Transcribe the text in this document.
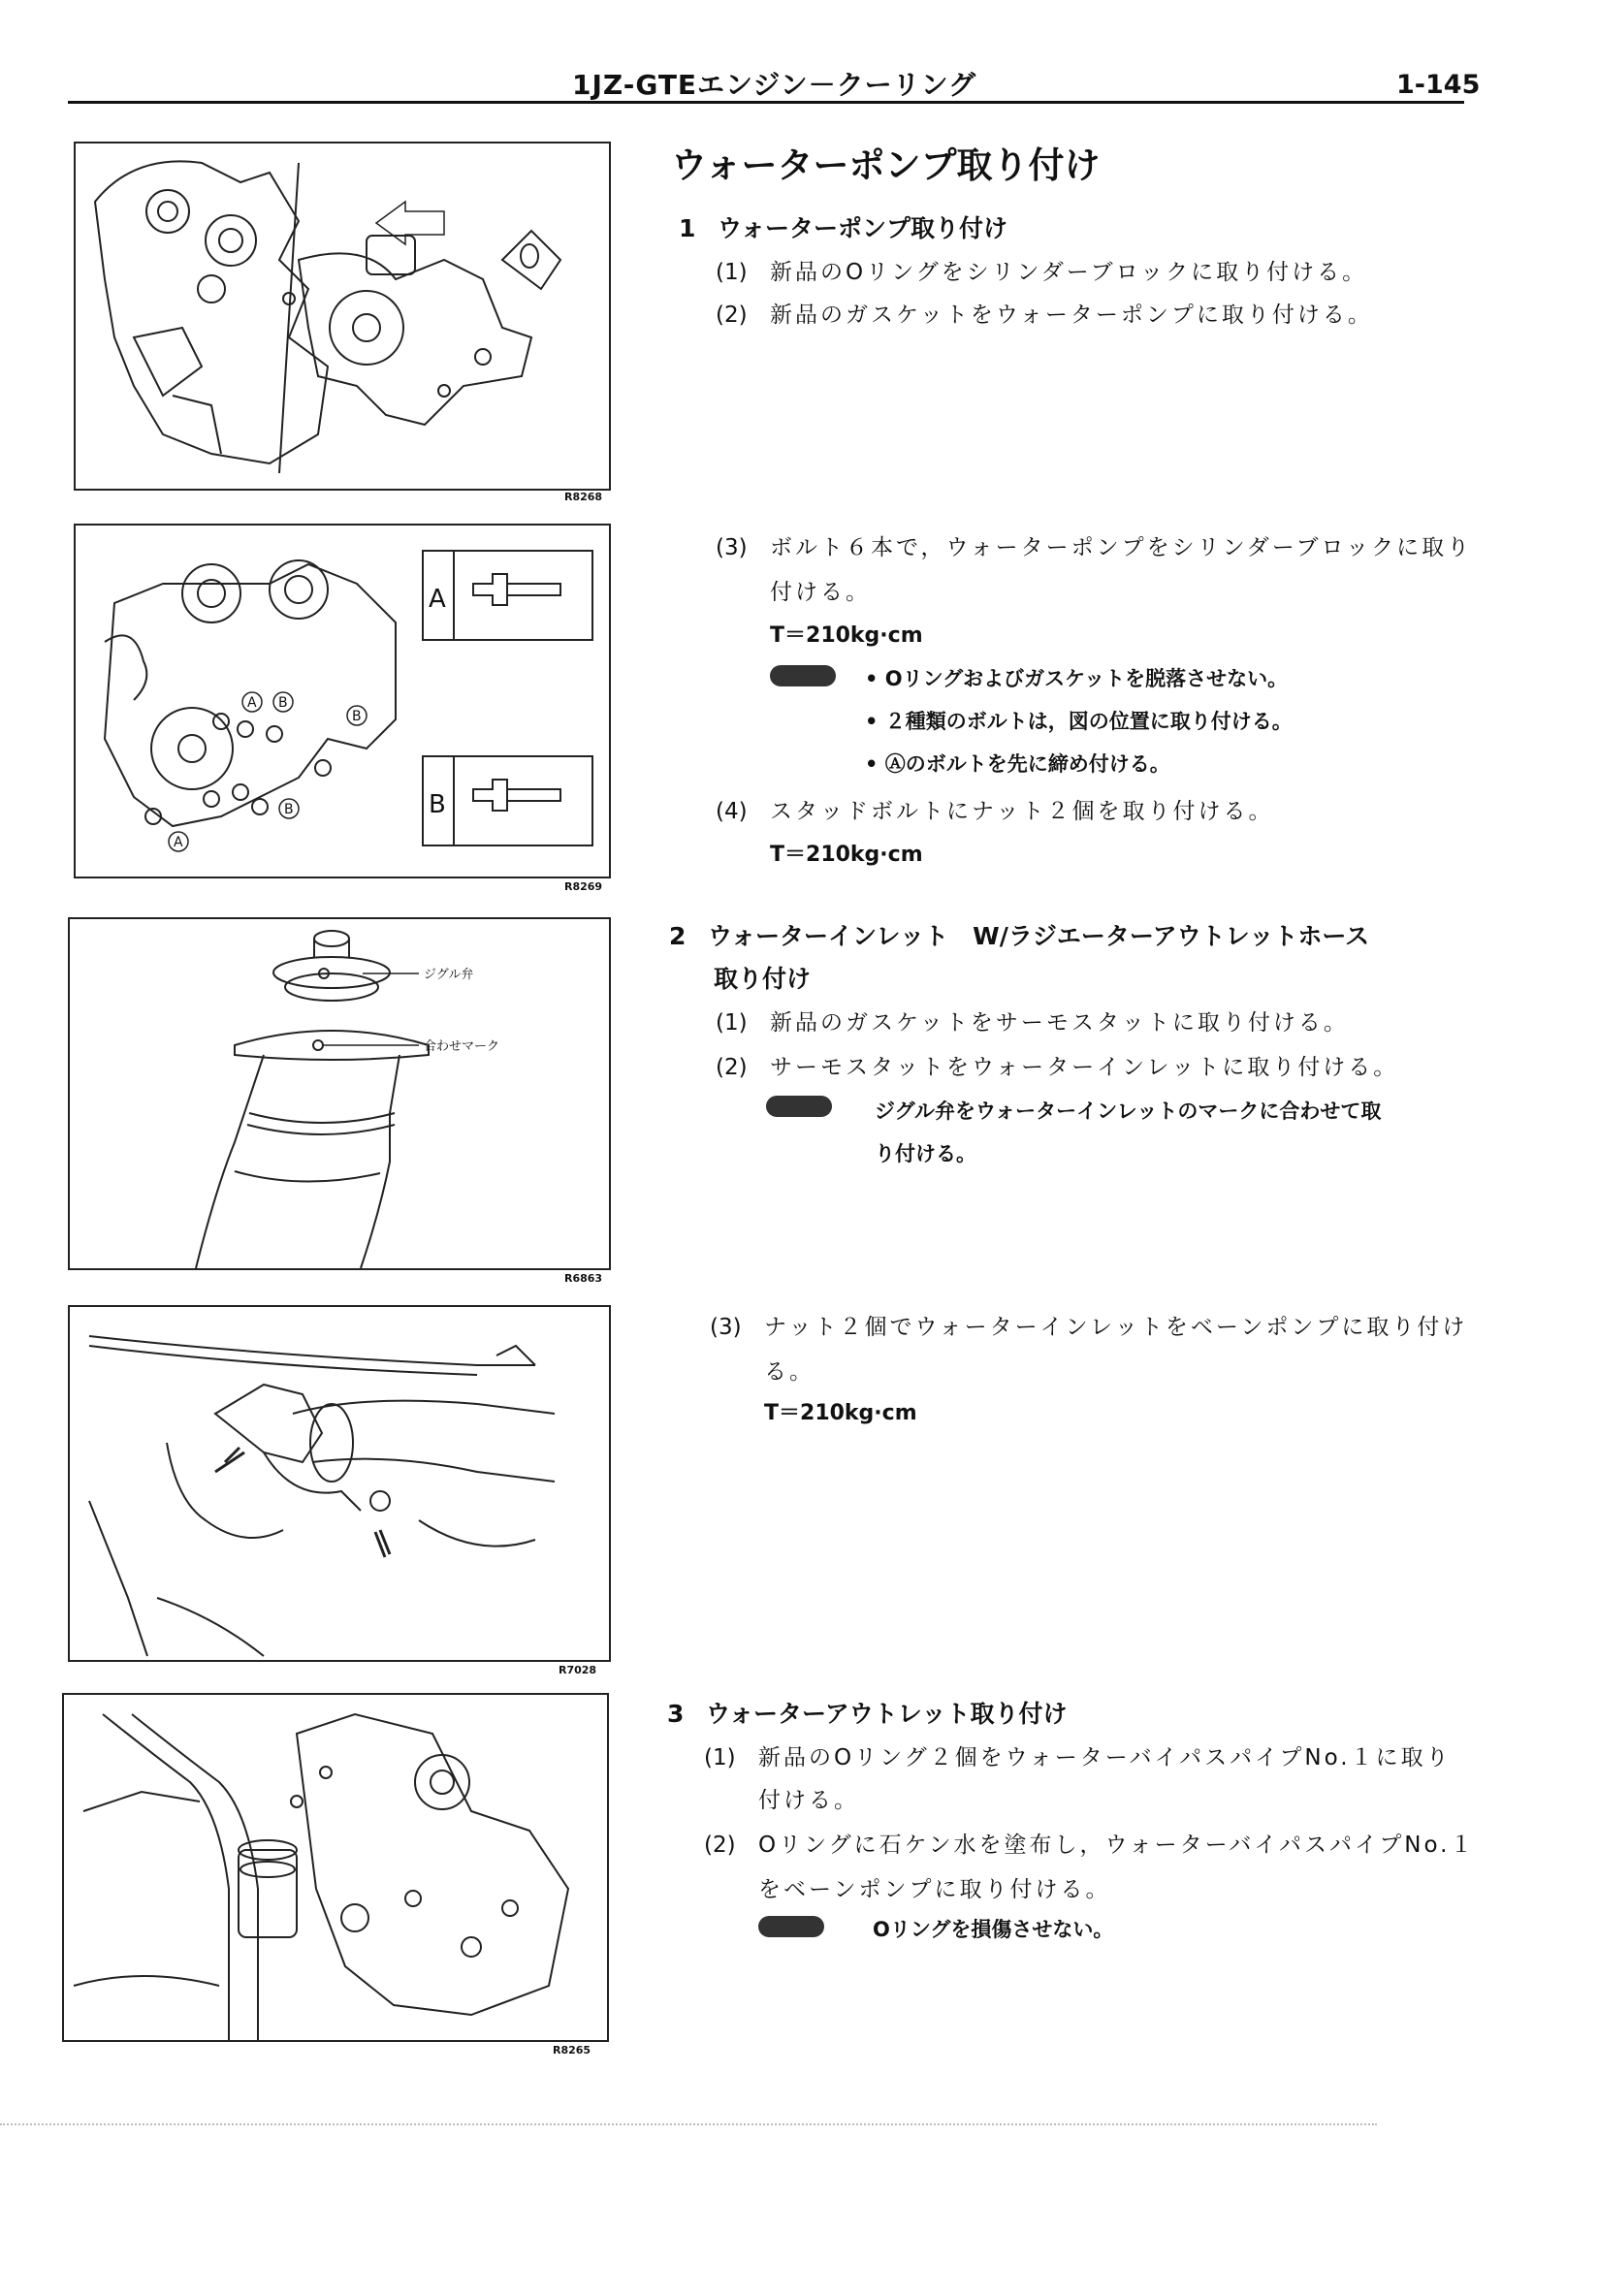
1JZ-GTEエンジン－クーリング	1-145
R8268
A
B
A B
B
B
A
R8269
ジグル弁
合わせマーク
R6863
R7028
R8265
ウォーターポンプ取り付け
1 ウォーターポンプ取り付け
(1) 新品のOリングをシリンダーブロックに取り付ける。
(2) 新品のガスケットをウォーターポンプに取り付ける。
(3) ボルト６本で，ウォーターポンプをシリンダーブロックに取り
付ける。
T＝210kg·cm
• Oリングおよびガスケットを脱落させない。
• ２種類のボルトは，図の位置に取り付ける。
• Ⓐのボルトを先に締め付ける。
(4) スタッドボルトにナット２個を取り付ける。
T＝210kg·cm
2 ウォーターインレット　W/ラジエーターアウトレットホース
取り付け
(1) 新品のガスケットをサーモスタットに取り付ける。
(2) サーモスタットをウォーターインレットに取り付ける。
ジグル弁をウォーターインレットのマークに合わせて取
り付ける。
(3) ナット２個でウォーターインレットをベーンポンプに取り付け
る。
T＝210kg·cm
3 ウォーターアウトレット取り付け
(1) 新品のOリング２個をウォーターバイパスパイプNo.１に取り
付ける。
(2) Oリングに石ケン水を塗布し，ウォーターバイパスパイプNo.１
をベーンポンプに取り付ける。
Oリングを損傷させない。
